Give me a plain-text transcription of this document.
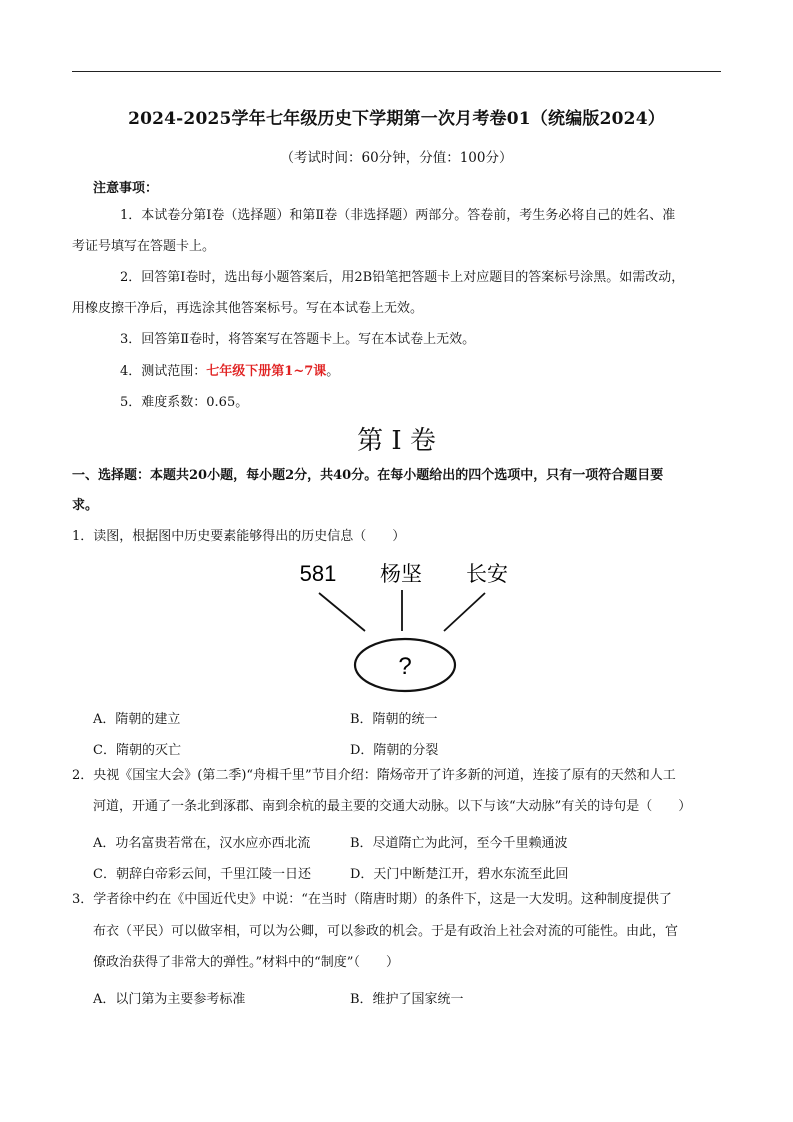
2024-2025学年七年级历史下学期第一次月考卷01（统编版2024）
（考试时间：60分钟，分值：100分）
注意事项：
1．本试卷分第Ⅰ卷（选择题）和第Ⅱ卷（非选择题）两部分。答卷前，考生务必将自己的姓名、准
考证号填写在答题卡上。
2．回答第Ⅰ卷时，选出每小题答案后，用2B铅笔把答题卡上对应题目的答案标号涂黑。如需改动，
用橡皮擦干净后，再选涂其他答案标号。写在本试卷上无效。
3．回答第Ⅱ卷时，将答案写在答题卡上。写在本试卷上无效。
4．测试范围：七年级下册第1~7课。
5．难度系数：0.65。
第 I 卷
一、选择题：本题共20小题，每小题2分，共40分。在每小题给出的四个选项中，只有一项符合题目要
求。
1．读图，根据图中历史要素能够得出的历史信息（　　）
581 杨坚 长安
?
A．隋朝的建立	B．隋朝的统一
C．隋朝的灭亡	D．隋朝的分裂
2．央视《国宝大会》(第二季)“舟楫千里”节目介绍：隋炀帝开了许多新的河道，连接了原有的天然和人工
河道，开通了一条北到涿郡、南到余杭的最主要的交通大动脉。以下与该“大动脉”有关的诗句是（　　）
A．功名富贵若常在，汉水应亦西北流	B．尽道隋亡为此河，至今千里赖通波
C．朝辞白帝彩云间，千里江陵一日还	D．天门中断楚江开，碧水东流至此回
3．学者徐中约在《中国近代史》中说：“在当时（隋唐时期）的条件下，这是一大发明。这种制度提供了
布衣（平民）可以做宰相，可以为公卿，可以参政的机会。于是有政治上社会对流的可能性。由此，官
僚政治获得了非常大的弹性。”材料中的“制度”（　　）
A．以门第为主要参考标准	B．维护了国家统一
